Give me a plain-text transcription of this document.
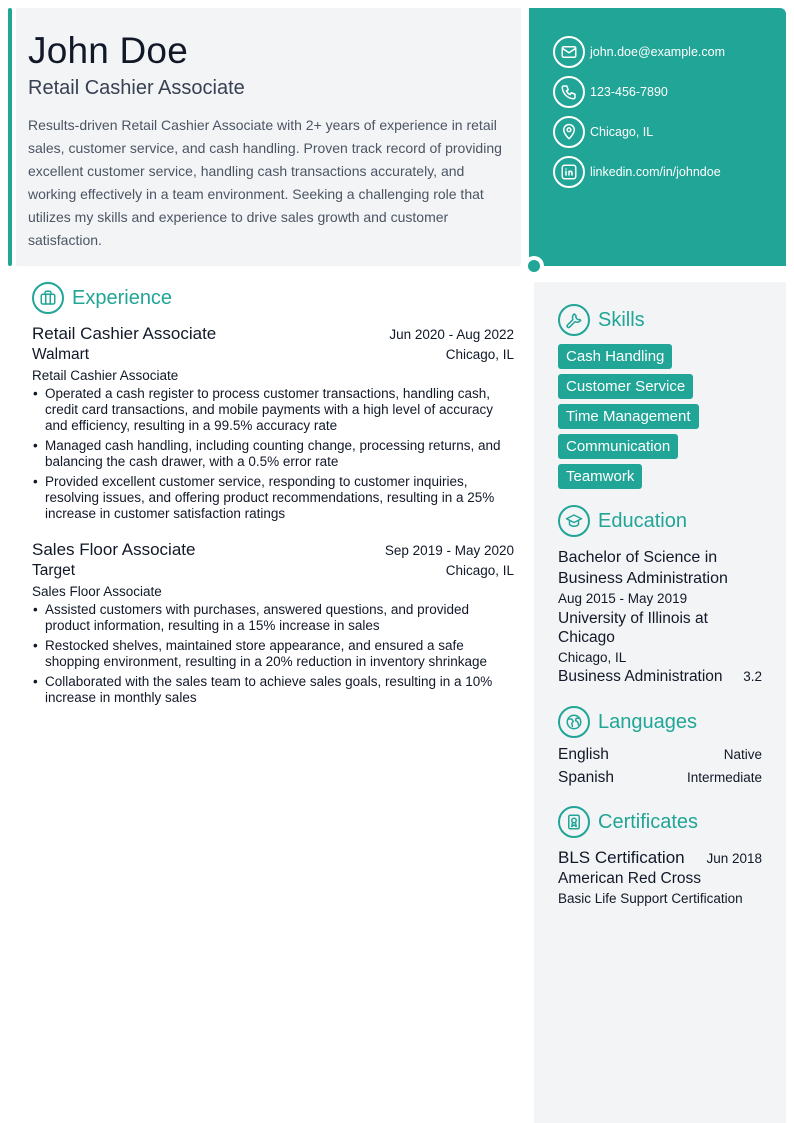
John Doe
Retail Cashier Associate

Results-driven Retail Cashier Associate with 2+ years of experience in retail sales, customer service, and cash handling. Proven track record of providing excellent customer service, handling cash transactions accurately, and working effectively in a team environment. Seeking a challenging role that utilizes my skills and experience to drive sales growth and customer satisfaction.

john.doe@example.com
123-456-7890
Chicago, IL
linkedin.com/in/johndoe
Experience
Retail Cashier Associate	Jun 2020 - Aug 2022
Walmart	Chicago, IL
Retail Cashier Associate
• Operated a cash register to process customer transactions, handling cash, credit card transactions, and mobile payments with a high level of accuracy and efficiency, resulting in a 99.5% accuracy rate
• Managed cash handling, including counting change, processing returns, and balancing the cash drawer, with a 0.5% error rate
• Provided excellent customer service, responding to customer inquiries, resolving issues, and offering product recommendations, resulting in a 25% increase in customer satisfaction ratings
Sales Floor Associate	Sep 2019 - May 2020
Target	Chicago, IL
Sales Floor Associate
• Assisted customers with purchases, answered questions, and provided product information, resulting in a 15% increase in sales
• Restocked shelves, maintained store appearance, and ensured a safe shopping environment, resulting in a 20% reduction in inventory shrinkage
• Collaborated with the sales team to achieve sales goals, resulting in a 10% increase in monthly sales
Skills
Cash Handling
Customer Service
Time Management
Communication
Teamwork
Education
Bachelor of Science in Business Administration
Aug 2015 - May 2019
University of Illinois at Chicago
Chicago, IL
Business Administration 3.2
Languages
English	Native
Spanish	Intermediate
Certificates
BLS Certification Jun 2018
American Red Cross
Basic Life Support Certification
